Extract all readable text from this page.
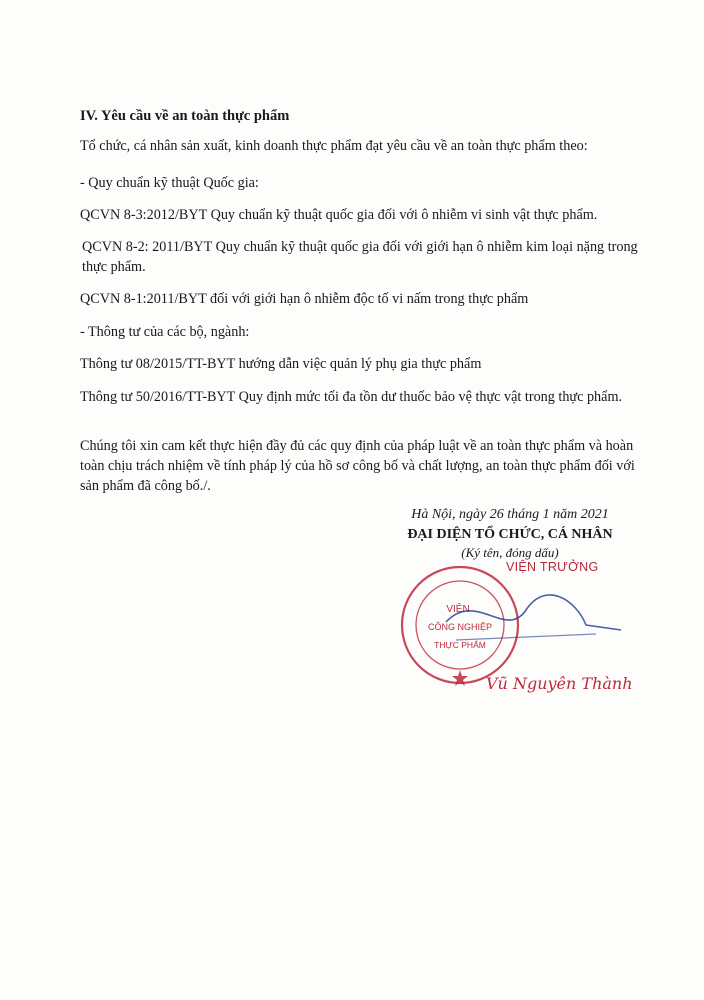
IV. Yêu cầu về an toàn thực phẩm

Tổ chức, cá nhân sản xuất, kinh doanh thực phẩm đạt yêu cầu về an toàn thực phẩm theo:

- Quy chuẩn kỹ thuật Quốc gia:

QCVN 8-3:2012/BYT Quy chuẩn kỹ thuật quốc gia đối với ô nhiễm vi sinh vật thực phẩm.

QCVN 8-2: 2011/BYT Quy chuẩn kỹ thuật quốc gia đối với giới hạn ô nhiễm kim loại nặng trong thực phẩm.

QCVN 8-1:2011/BYT đối với giới hạn ô nhiễm độc tố vi nấm trong thực phẩm

- Thông tư của các bộ, ngành:

Thông tư 08/2015/TT-BYT hướng dẫn việc quản lý phụ gia thực phẩm

Thông tư 50/2016/TT-BYT Quy định mức tối đa tồn dư thuốc bảo vệ thực vật trong thực phẩm.

Chúng tôi xin cam kết thực hiện đầy đủ các quy định của pháp luật về an toàn thực phẩm và hoàn toàn chịu trách nhiệm về tính pháp lý của hồ sơ công bố và chất lượng, an toàn thực phẩm đối với sản phẩm đã công bố./.

Hà Nội, ngày 26 tháng 1 năm 2021

ĐẠI DIỆN TỔ CHỨC, CÁ NHÂN

(Ký tên, đóng dấu)

VIỆN TRƯỞNG
VIỆN
CÔNG NGHIỆP
THỰC PHẨM
Vũ Nguyên Thành
